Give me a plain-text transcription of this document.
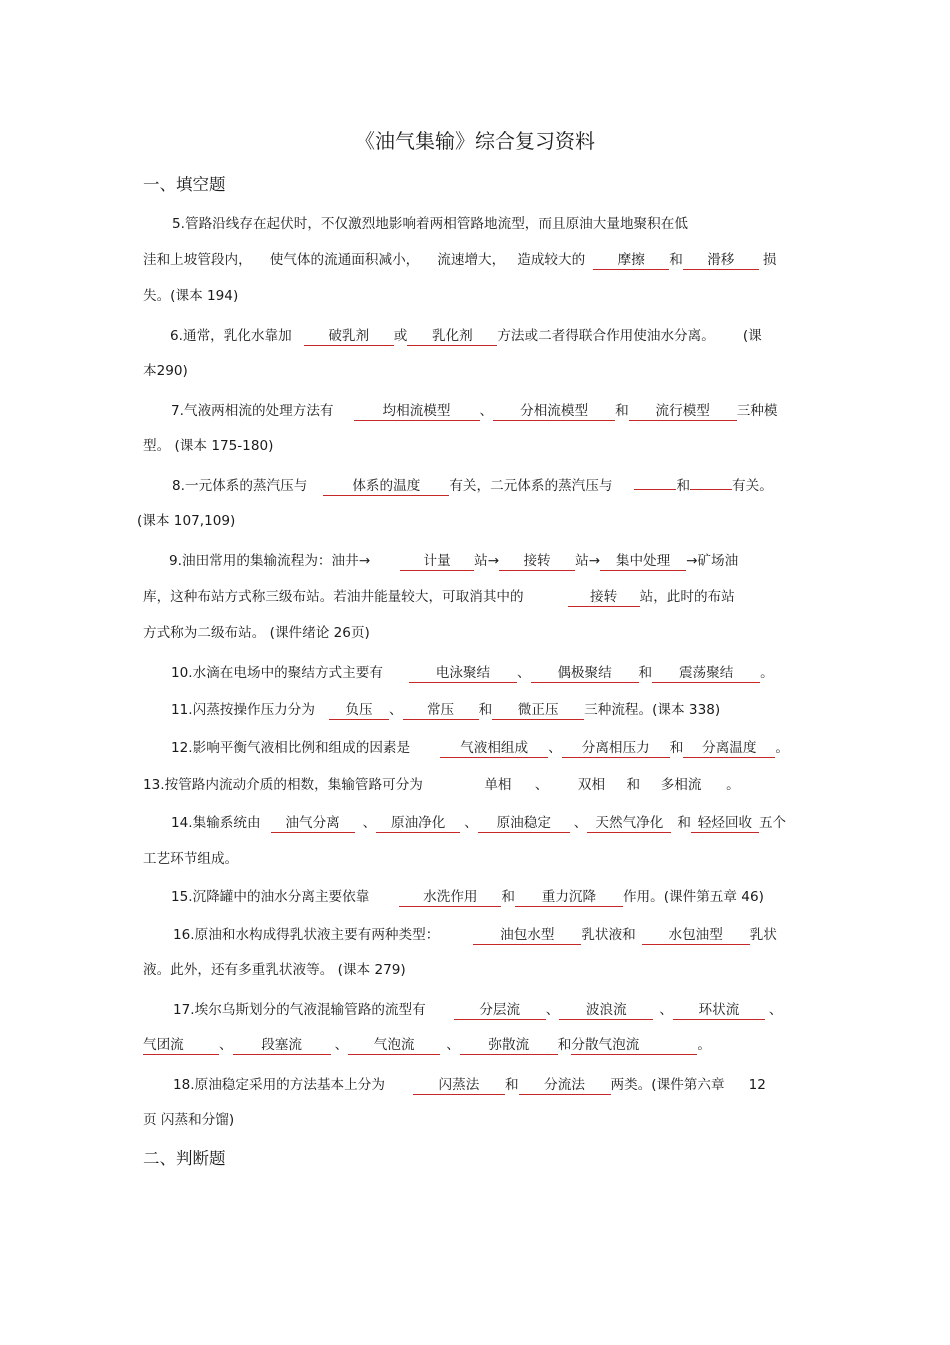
《油气集输》综合复习资料
一、填空题
5.管路沿线存在起伏时，不仅激烈地影响着两相管路地流型，而且原油大量地聚积在低
洼和上坡管段内， 使气体的流通面积减小， 流速增大， 造成较大的 摩擦 和 滑移 损
失。(课本 194)
6.通常，乳化水靠加	破乳剂 或 乳化剂 方法或二者得联合作用使油水分离。 (课
本290)
7.气液两相流的处理方法有	均相流模型 、 分相流模型 和 流行模型 三种模
型。 (课本 175-180)
8.一元体系的蒸汽压与	体系的温度 有关，二元体系的蒸汽压与	和	有关。
(课本 107,109)
9.油田常用的集输流程为：油井→	计量 站→ 接转 站→ 集中处理 →矿场油
库，这种布站方式称三级布站。若油井能量较大，可取消其中的	接转 站，此时的布站
方式称为二级布站。 (课件绪论 26页)
10.水滴在电场中的聚结方式主要有	电泳聚结 、 偶极聚结 和 震荡聚结 。
11.闪蒸按操作压力分为 负压 、 常压 和 微正压 三种流程。(课本 338)
12.影响平衡气液相比例和组成的因素是	气液相组成 、 分离相压力 和 分离温度 。
13.按管路内流动介质的相数，集输管路可分为	单相 、 双相 和 多相流 。
14.集输系统由 油气分离 、 原油净化 、 原油稳定 、 天然气净化 和 轻烃回收 五个
工艺环节组成。
15.沉降罐中的油水分离主要依靠	水洗作用 和 重力沉降 作用。(课件第五章 46)
16.原油和水构成得乳状液主要有两种类型：	油包水型 乳状液和 水包油型 乳状
液。此外，还有多重乳状液等。 (课本 279)
17.埃尔乌斯划分的气液混输管路的流型有	分层流 、 波浪流 、 环状流 、
气团流	、 段塞流 、 气泡流 、 弥散流 和分散气泡流	。
18.原油稳定采用的方法基本上分为	闪蒸法 和 分流法 两类。(课件第六章 12
页 闪蒸和分馏)
二、判断题
